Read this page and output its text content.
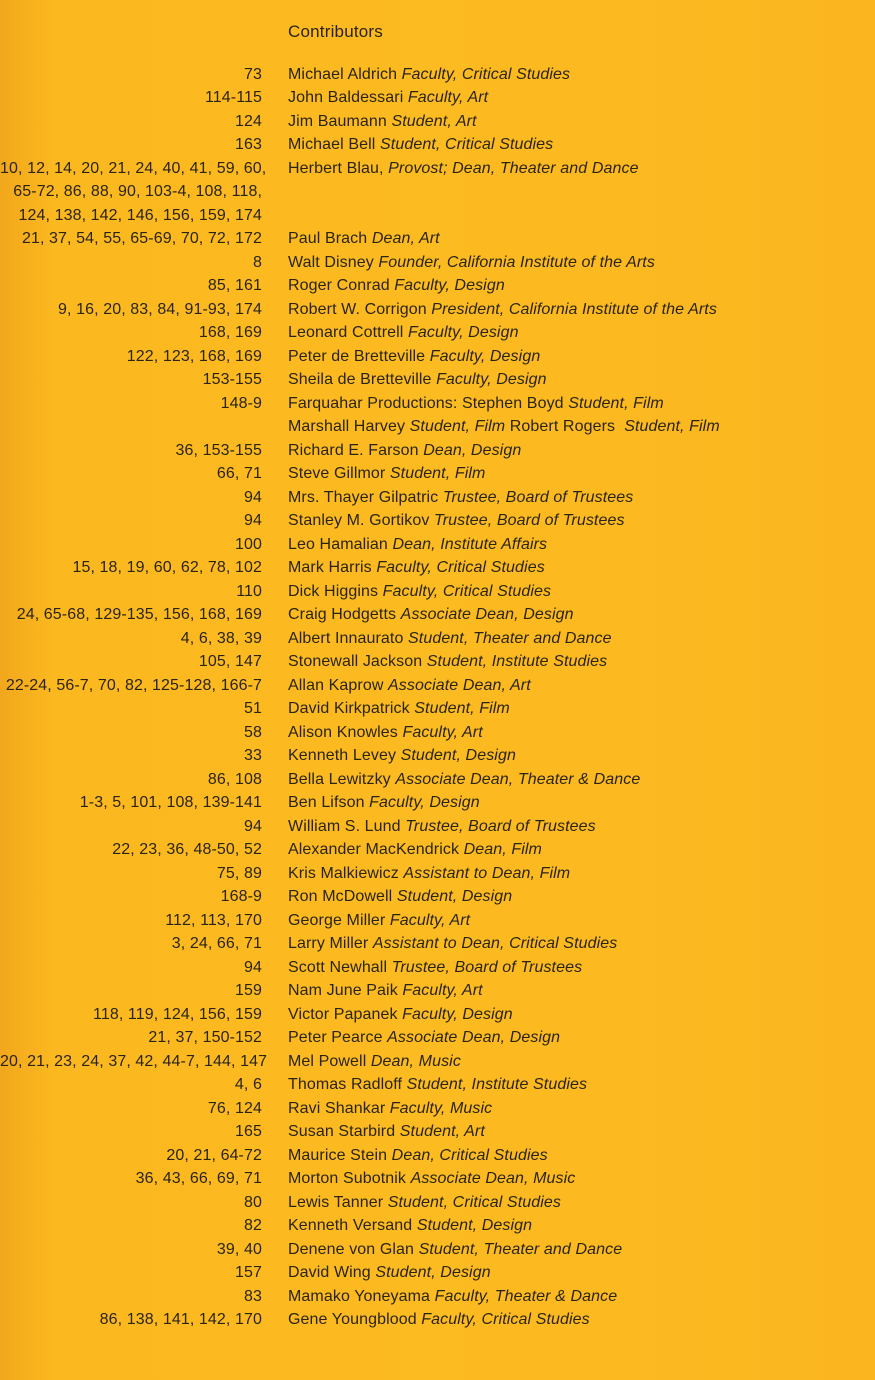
Contributors
73 Michael Aldrich Faculty, Critical Studies
114-115 John Baldessari Faculty, Art
124 Jim Baumann Student, Art
163 Michael Bell Student, Critical Studies
10, 12, 14, 20, 21, 24, 40, 41, 59, 60, Herbert Blau, Provost; Dean, Theater and Dance
65-72, 86, 88, 90, 103-4, 108, 118,
124, 138, 142, 146, 156, 159, 174
21, 37, 54, 55, 65-69, 70, 72, 172 Paul Brach Dean, Art
8 Walt Disney Founder, California Institute of the Arts
85, 161 Roger Conrad Faculty, Design
9, 16, 20, 83, 84, 91-93, 174 Robert W. Corrigon President, California Institute of the Arts
168, 169 Leonard Cottrell Faculty, Design
122, 123, 168, 169 Peter de Bretteville Faculty, Design
153-155 Sheila de Bretteville Faculty, Design
148-9 Farquahar Productions: Stephen Boyd Student, Film
Marshall Harvey Student, Film Robert Rogers  Student, Film
36, 153-155 Richard E. Farson Dean, Design
66, 71 Steve Gillmor Student, Film
94 Mrs. Thayer Gilpatric Trustee, Board of Trustees
94 Stanley M. Gortikov Trustee, Board of Trustees
100 Leo Hamalian Dean, Institute Affairs
15, 18, 19, 60, 62, 78, 102 Mark Harris Faculty, Critical Studies
110 Dick Higgins Faculty, Critical Studies
24, 65-68, 129-135, 156, 168, 169 Craig Hodgetts Associate Dean, Design
4, 6, 38, 39 Albert Innaurato Student, Theater and Dance
105, 147 Stonewall Jackson Student, Institute Studies
22-24, 56-7, 70, 82, 125-128, 166-7 Allan Kaprow Associate Dean, Art
51 David Kirkpatrick Student, Film
58 Alison Knowles Faculty, Art
33 Kenneth Levey Student, Design
86, 108 Bella Lewitzky Associate Dean, Theater & Dance
1-3, 5, 101, 108, 139-141 Ben Lifson Faculty, Design
94 William S. Lund Trustee, Board of Trustees
22, 23, 36, 48-50, 52 Alexander MacKendrick Dean, Film
75, 89 Kris Malkiewicz Assistant to Dean, Film
168-9 Ron McDowell Student, Design
112, 113, 170 George Miller Faculty, Art
3, 24, 66, 71 Larry Miller Assistant to Dean, Critical Studies
94 Scott Newhall Trustee, Board of Trustees
159 Nam June Paik Faculty, Art
118, 119, 124, 156, 159 Victor Papanek Faculty, Design
21, 37, 150-152 Peter Pearce Associate Dean, Design
20, 21, 23, 24, 37, 42, 44-7, 144, 147 Mel Powell Dean, Music
4, 6 Thomas Radloff Student, Institute Studies
76, 124 Ravi Shankar Faculty, Music
165 Susan Starbird Student, Art
20, 21, 64-72 Maurice Stein Dean, Critical Studies
36, 43, 66, 69, 71 Morton Subotnik Associate Dean, Music
80 Lewis Tanner Student, Critical Studies
82 Kenneth Versand Student, Design
39, 40 Denene von Glan Student, Theater and Dance
157 David Wing Student, Design
83 Mamako Yoneyama Faculty, Theater & Dance
86, 138, 141, 142, 170 Gene Youngblood Faculty, Critical Studies
